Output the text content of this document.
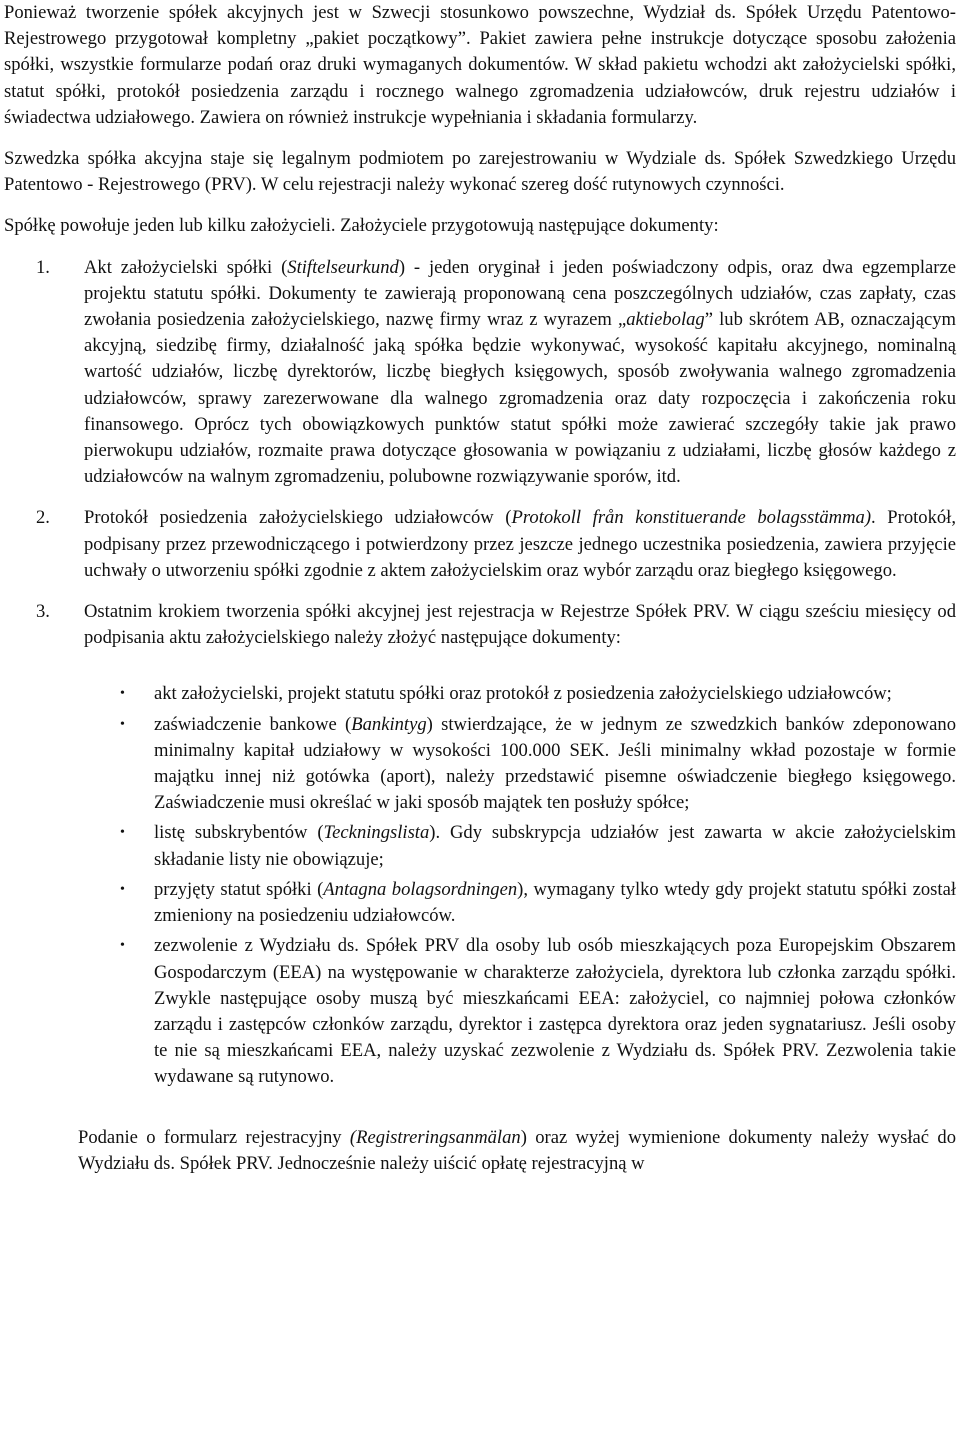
Ponieważ tworzenie spółek akcyjnych jest w Szwecji stosunkowo powszechne, Wydział ds. Spółek Urzędu Patentowo-Rejestrowego przygotował kompletny „pakiet początkowy”. Pakiet zawiera pełne instrukcje dotyczące sposobu założenia spółki, wszystkie formularze podań oraz druki wymaganych dokumentów. W skład pakietu wchodzi akt założycielski spółki, statut spółki, protokół posiedzenia zarządu i rocznego walnego zgromadzenia udziałowców, druk rejestru udziałów i świadectwa udziałowego. Zawiera on również instrukcje wypełniania i składania formularzy.

Szwedzka spółka akcyjna staje się legalnym podmiotem po zarejestrowaniu w Wydziale ds. Spółek Szwedzkiego Urzędu Patentowo - Rejestrowego (PRV). W celu rejestracji należy wykonać szereg dość rutynowych czynności.

Spółkę powołuje jeden lub kilku założycieli. Założyciele przygotowują następujące dokumenty:

1.	Akt założycielski spółki (Stiftelseurkund) - jeden oryginał i jeden poświadczony odpis, oraz dwa egzemplarze projektu statutu spółki. Dokumenty te zawierają proponowaną cena poszczególnych udziałów, czas zapłaty, czas zwołania posiedzenia założycielskiego, nazwę firmy wraz z wyrazem „aktiebolag” lub skrótem AB, oznaczającym akcyjną, siedzibę firmy, działalność jaką spółka będzie wykonywać, wysokość kapitału akcyjnego, nominalną wartość udziałów, liczbę dyrektorów, liczbę biegłych księgowych, sposób zwoływania walnego zgromadzenia udziałowców, sprawy zarezerwowane dla walnego zgromadzenia oraz daty rozpoczęcia i zakończenia roku finansowego. Oprócz tych obowiązkowych punktów statut spółki może zawierać szczegóły takie jak prawo pierwokupu udziałów, rozmaite prawa dotyczące głosowania w powiązaniu z udziałami, liczbę głosów każdego z udziałowców na walnym zgromadzeniu, polubowne rozwiązywanie sporów, itd.
2.	Protokół posiedzenia założycielskiego udziałowców (Protokoll från konstituerande bolagsstämma). Protokół, podpisany przez przewodniczącego i potwierdzony przez jeszcze jednego uczestnika posiedzenia, zawiera przyjęcie uchwały o utworzeniu spółki zgodnie z aktem założycielskim oraz wybór zarządu oraz biegłego księgowego.
3.	Ostatnim krokiem tworzenia spółki akcyjnej jest rejestracja w Rejestrze Spółek PRV. W ciągu sześciu miesięcy od podpisania aktu założycielskiego należy złożyć następujące dokumenty:
•	akt założycielski, projekt statutu spółki oraz protokół z posiedzenia założycielskiego udziałowców;
•	zaświadczenie bankowe (Bankintyg) stwierdzające, że w jednym ze szwedzkich banków zdeponowano minimalny kapitał udziałowy w wysokości 100.000 SEK. Jeśli minimalny wkład pozostaje w formie majątku innej niż gotówka (aport), należy przedstawić pisemne oświadczenie biegłego księgowego. Zaświadczenie musi określać w jaki sposób majątek ten posłuży spółce;
•	listę subskrybentów (Teckningslista). Gdy subskrypcja udziałów jest zawarta w akcie założycielskim składanie listy nie obowiązuje;
•	przyjęty statut spółki (Antagna bolagsordningen), wymagany tylko wtedy gdy projekt statutu spółki został zmieniony na posiedzeniu udziałowców.
•	zezwolenie z Wydziału ds. Spółek PRV dla osoby lub osób mieszkających poza Europejskim Obszarem Gospodarczym (EEA) na występowanie w charakterze założyciela, dyrektora lub członka zarządu spółki. Zwykle następujące osoby muszą być mieszkańcami EEA: założyciel, co najmniej połowa członków zarządu i zastępców członków zarządu, dyrektor i zastępca dyrektora oraz jeden sygnatariusz. Jeśli osoby te nie są mieszkańcami EEA, należy uzyskać zezwolenie z Wydziału ds. Spółek PRV. Zezwolenia takie wydawane są rutynowo.

Podanie o formularz rejestracyjny (Registreringsanmälan) oraz wyżej wymienione dokumenty należy wysłać do Wydziału ds. Spółek PRV. Jednocześnie należy uiścić opłatę rejestracyjną w
